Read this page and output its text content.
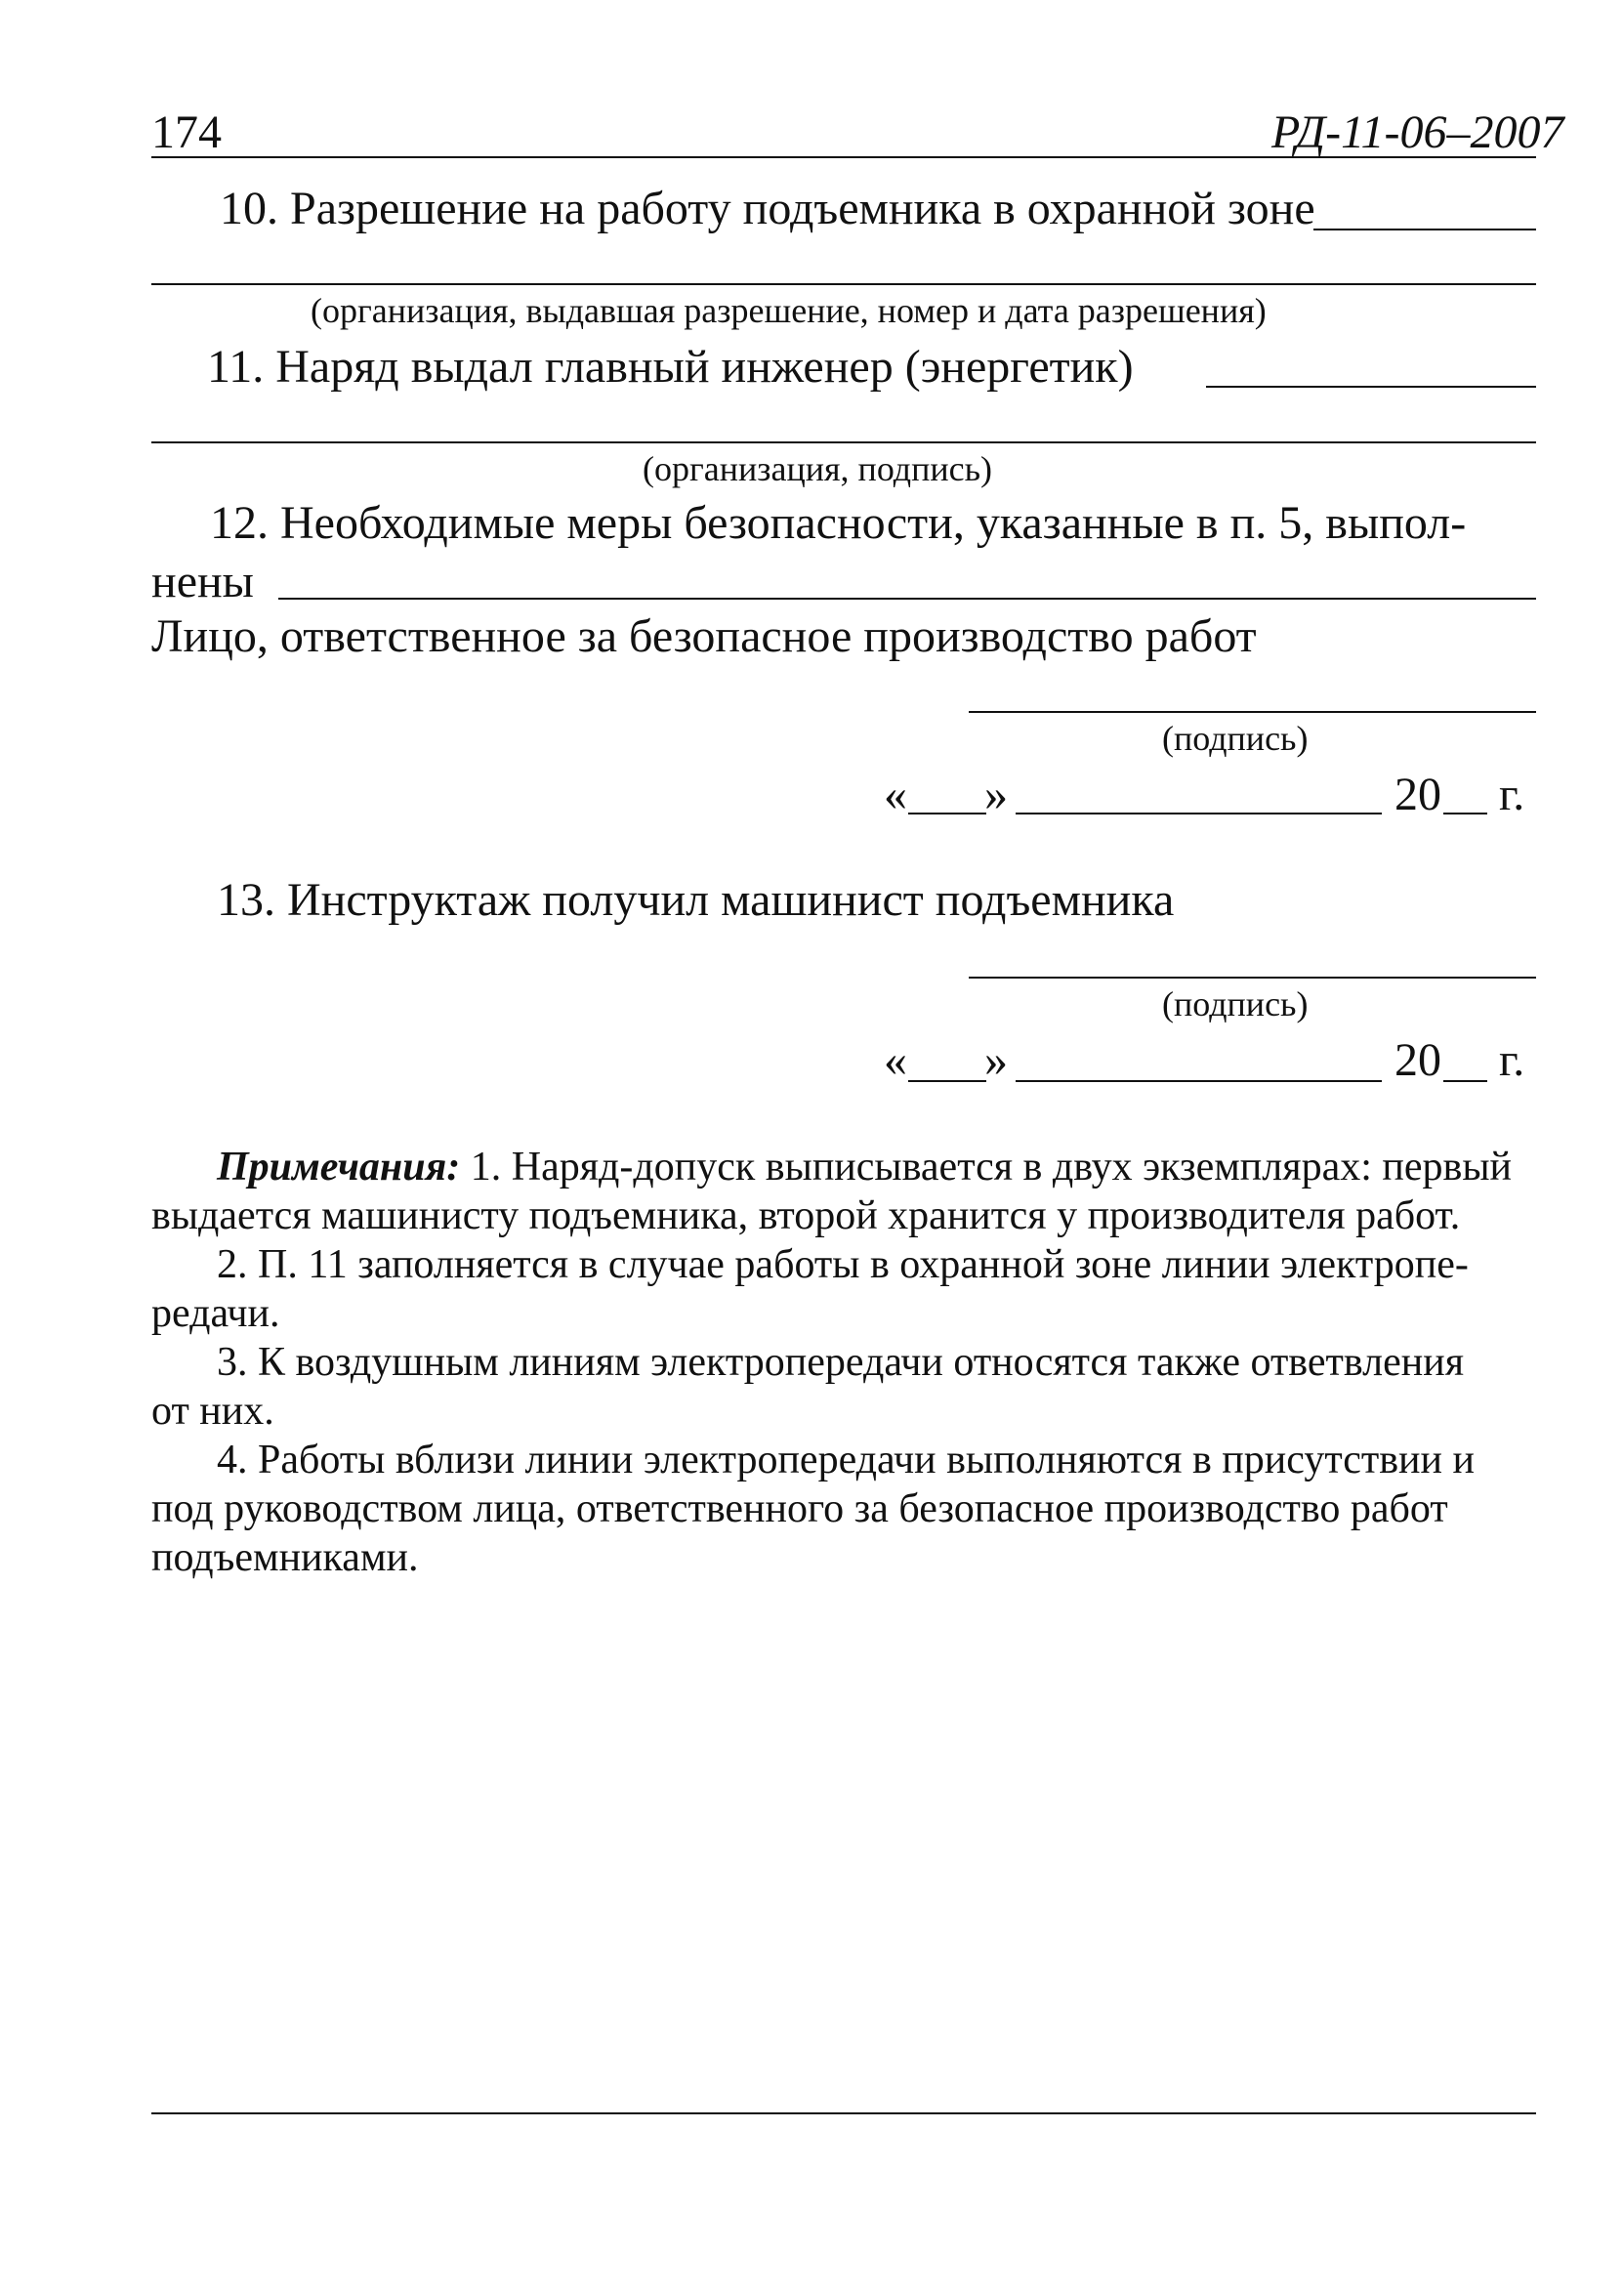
174	РД-11-06–2007
10. Разрешение на работу подъемника в охранной зоне
(организация, выдавшая разрешение, номер и дата разрешения)
11. Наряд выдал главный инженер (энергетик)
(организация, подпись)
12. Необходимые меры безопасности, указанные в п. 5, выпол-
нены
Лицо, ответственное за безопасное производство работ
(подпись)
« »	20 г.
13. Инструктаж получил машинист подъемника
(подпись)
« »	20 г.
Примечания: 1. Наряд-допуск выписывается в двух экземплярах: первый
выдается машинисту подъемника, второй хранится у производителя работ.
2. П. 11 заполняется в случае работы в охранной зоне линии электропе-
редачи.
3. К воздушным линиям электропередачи относятся также ответвления
от них.
4. Работы вблизи линии электропередачи выполняются в присутствии и
под руководством лица, ответственного за безопасное производство работ
подъемниками.
